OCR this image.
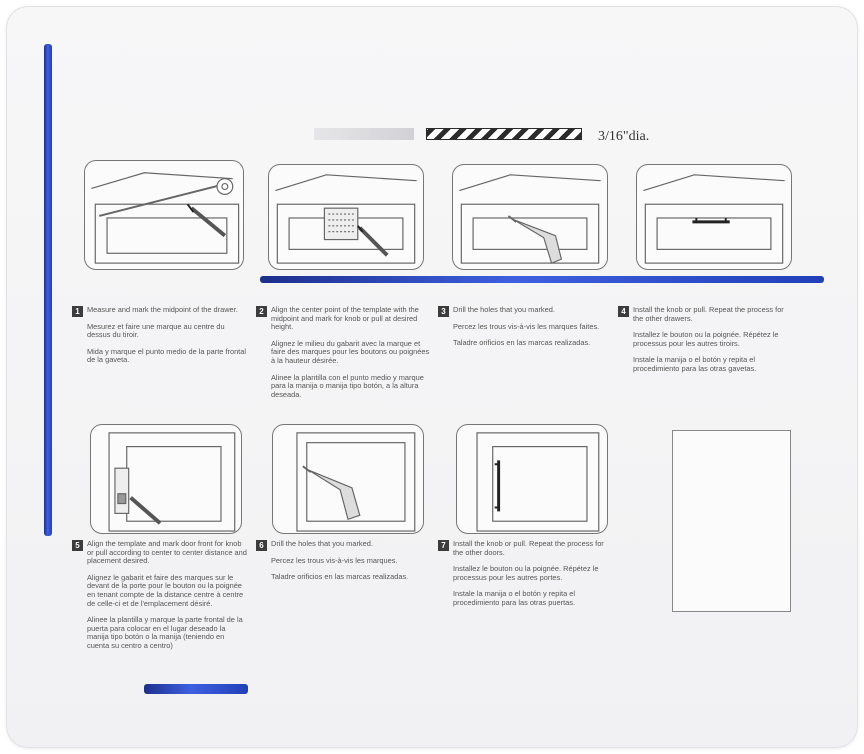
3/16"dia.
1 Measure and mark the midpoint of the drawer.

Mesurez et faire une marque au centre du dessus du tiroir.

Mida y marque el punto medio de la parte frontal de la gaveta.

2 Align the center point of the template with the midpoint and mark for knob or pull at desired height.

Alignez le milieu du gabarit avec la marque et faire des marques pour les boutons ou poignées à la hauteur désirée.

Alinee la plantilla con el punto medio y marque para la manija o manija tipo botón, a la altura deseada.

3 Drill the holes that you marked.

Percez les trous vis-à-vis les marques faites.

Taladre orificios en las marcas realizadas.

4 Install the knob or pull. Repeat the process for the other drawers.

Installez le bouton ou la poignée. Répétez le processus pour les autres tiroirs.

Instale la manija o el botón y repita el procedimiento para las otras gavetas.

5 Align the template and mark door front for knob or pull according to center to center distance and placement desired.

Alignez le gabarit et faire des marques sur le devant de la porte pour le bouton ou la poignée en tenant compte de la distance centre à centre de celle-ci et de l'emplacement désiré.

Alinee la plantilla y marque la parte frontal de la puerta para colocar en el lugar deseado la manija tipo botón o la manija (teniendo en cuenta su centro a centro)

6 Drill the holes that you marked.

Percez les trous vis-à-vis les marques.

Taladre orificios en las marcas realizadas.

7 Install the knob or pull. Repeat the process for the other doors.

Installez le bouton ou la poignée. Répétez le processus pour les autres portes.

Instale la manija o el botón y repita el procedimiento para las otras puertas.
